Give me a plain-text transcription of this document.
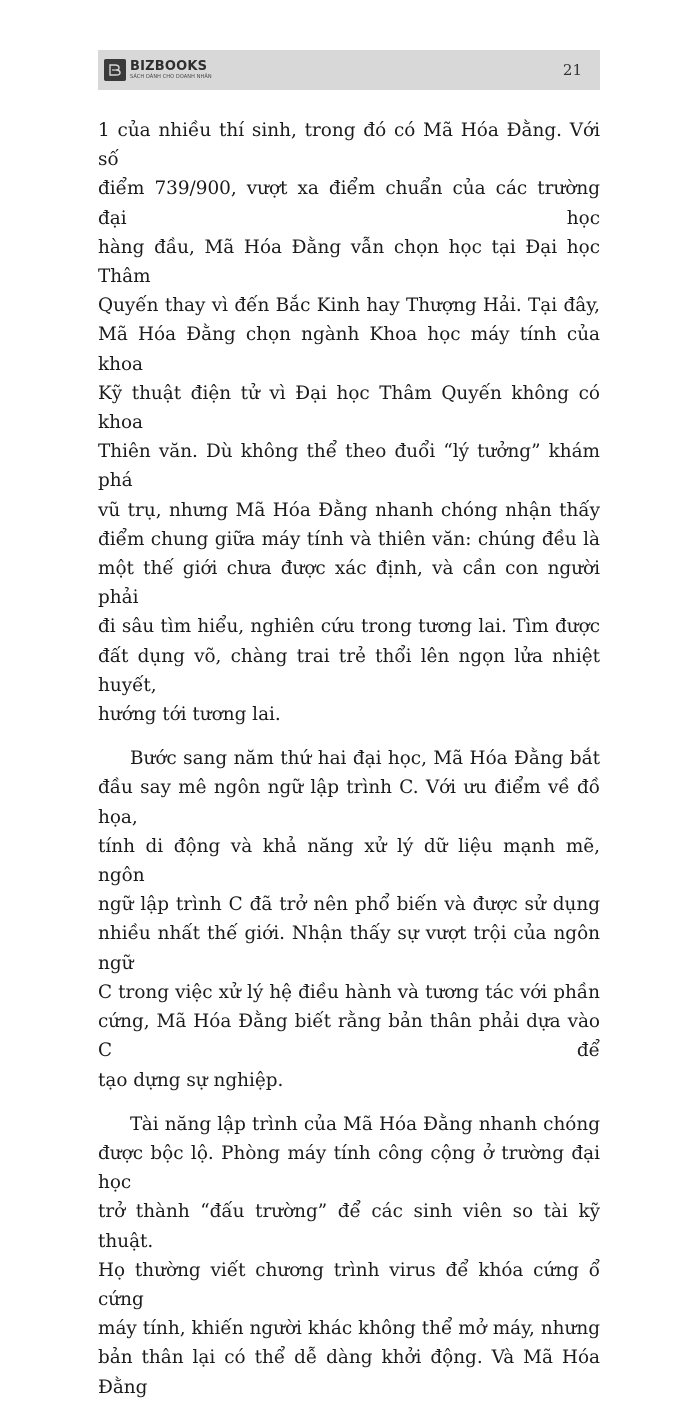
BIZBOOKS
SÁCH DÀNH CHO DOANH NHÂN	21

1 của nhiều thí sinh, trong đó có Mã Hóa Đằng. Với số
điểm 739/900, vượt xa điểm chuẩn của các trường đại học
hàng đầu, Mã Hóa Đằng vẫn chọn học tại Đại học Thâm
Quyến thay vì đến Bắc Kinh hay Thượng Hải. Tại đây,
Mã Hóa Đằng chọn ngành Khoa học máy tính của khoa
Kỹ thuật điện tử vì Đại học Thâm Quyến không có khoa
Thiên văn. Dù không thể theo đuổi “lý tưởng” khám phá
vũ trụ, nhưng Mã Hóa Đằng nhanh chóng nhận thấy
điểm chung giữa máy tính và thiên văn: chúng đều là
một thế giới chưa được xác định, và cần con người phải
đi sâu tìm hiểu, nghiên cứu trong tương lai. Tìm được
đất dụng võ, chàng trai trẻ thổi lên ngọn lửa nhiệt huyết,
hướng tới tương lai.

Bước sang năm thứ hai đại học, Mã Hóa Đằng bắt
đầu say mê ngôn ngữ lập trình C. Với ưu điểm về đồ họa,
tính di động và khả năng xử lý dữ liệu mạnh mẽ, ngôn
ngữ lập trình C đã trở nên phổ biến và được sử dụng
nhiều nhất thế giới. Nhận thấy sự vượt trội của ngôn ngữ
C trong việc xử lý hệ điều hành và tương tác với phần
cứng, Mã Hóa Đằng biết rằng bản thân phải dựa vào C để
tạo dựng sự nghiệp.

Tài năng lập trình của Mã Hóa Đằng nhanh chóng
được bộc lộ. Phòng máy tính công cộng ở trường đại học
trở thành “đấu trường” để các sinh viên so tài kỹ thuật.
Họ thường viết chương trình virus để khóa cứng ổ cứng
máy tính, khiến người khác không thể mở máy, nhưng
bản thân lại có thể dễ dàng khởi động. Và Mã Hóa Đằng
